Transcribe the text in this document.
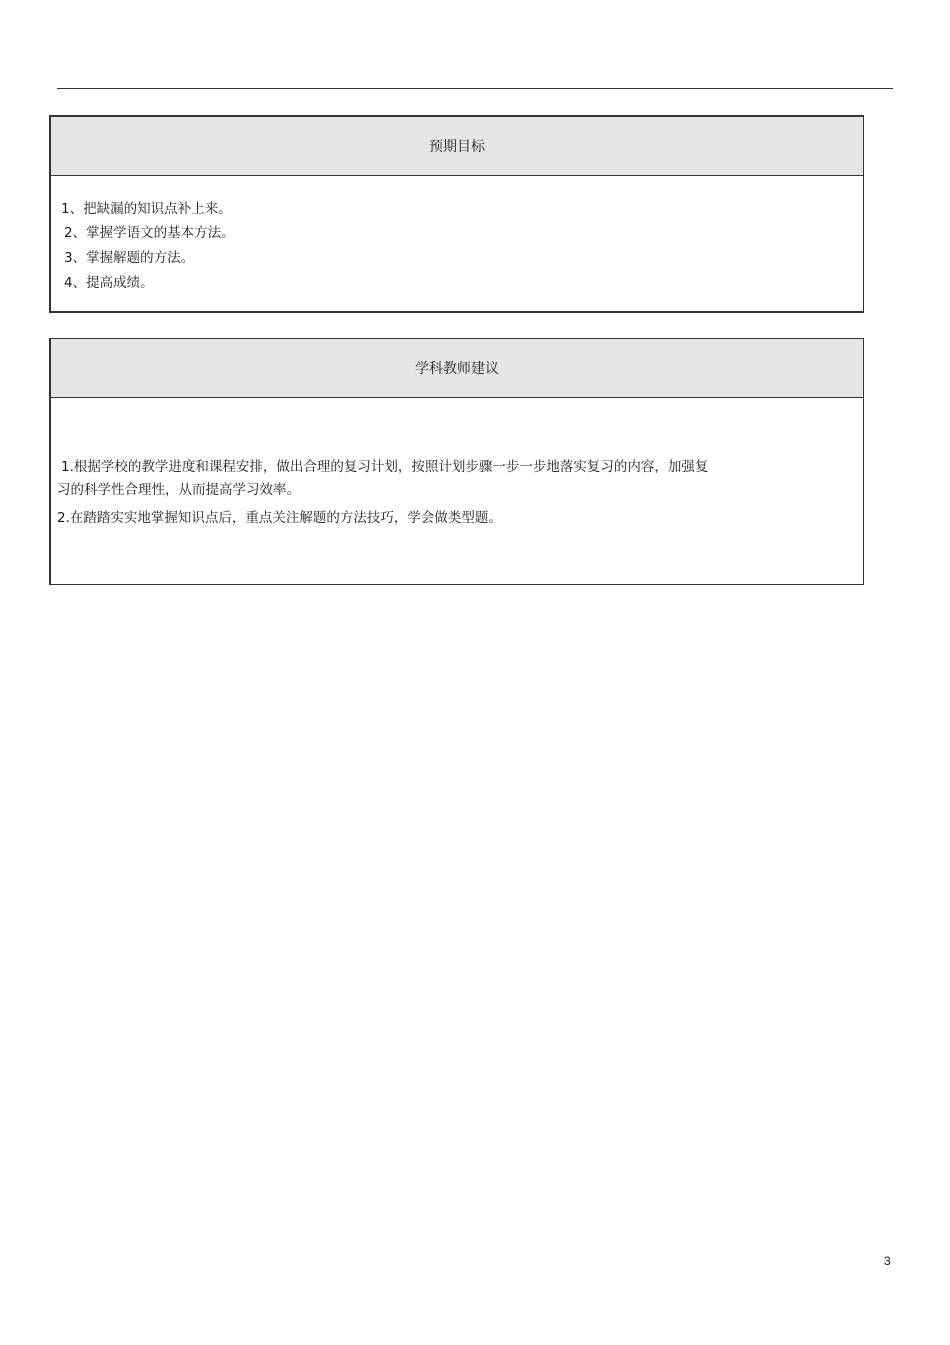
预期目标
1、把缺漏的知识点补上来。
2、掌握学语文的基本方法。
3、掌握解题的方法。
4、提高成绩。
学科教师建议
1.根据学校的教学进度和课程安排，做出合理的复习计划，按照计划步骤一步一步地落实复习的内容，加强复
习的科学性合理性，从而提高学习效率。
2.在踏踏实实地掌握知识点后，重点关注解题的方法技巧，学会做类型题。
3
